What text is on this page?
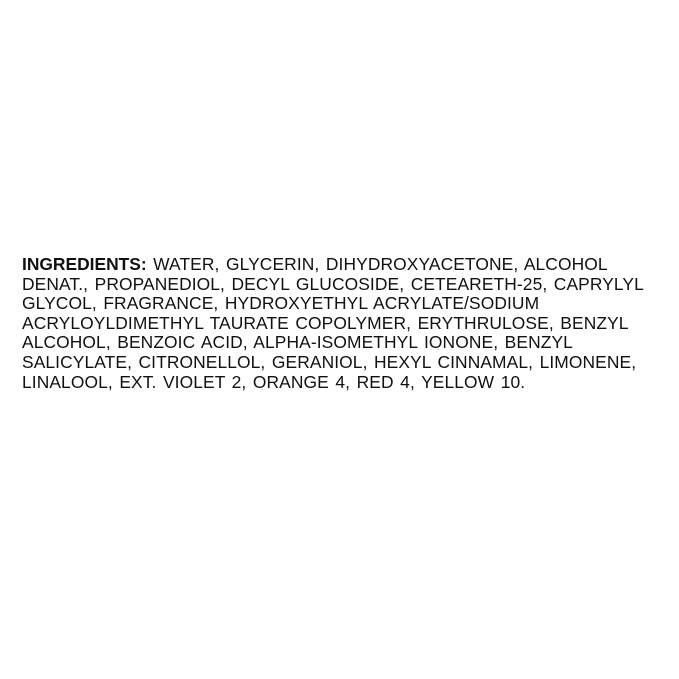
INGREDIENTS: WATER, GLYCERIN, DIHYDROXYACETONE, ALCOHOL DENAT., PROPANEDIOL, DECYL GLUCOSIDE, CETEARETH-25, CAPRYLYL GLYCOL, FRAGRANCE, HYDROXYETHYL ACRYLATE/SODIUM ACRYLOYLDIMETHYL TAURATE COPOLYMER, ERYTHRULOSE, BENZYL ALCOHOL, BENZOIC ACID, ALPHA-ISOMETHYL IONONE, BENZYL SALICYLATE, CITRONELLOL, GERANIOL, HEXYL CINNAMAL, LIMONENE, LINALOOL, EXT. VIOLET 2, ORANGE 4, RED 4, YELLOW 10.
